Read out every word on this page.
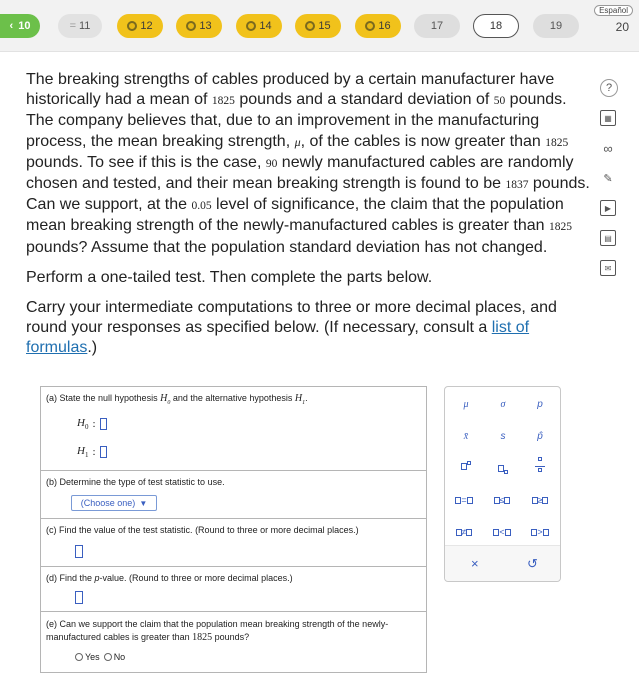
‹ 10	= 11	12	13	14	15	16	17	18	19
Español
20

The breaking strengths of cables produced by a certain manufacturer have historically had a mean of 1825 pounds and a standard deviation of 50 pounds. The company believes that, due to an improvement in the manufacturing process, the mean breaking strength, μ, of the cables is now greater than 1825 pounds. To see if this is the case, 90 newly manufactured cables are randomly chosen and tested, and their mean breaking strength is found to be 1837 pounds. Can we support, at the 0.05 level of significance, the claim that the population mean breaking strength of the newly-manufactured cables is greater than 1825 pounds? Assume that the population standard deviation has not changed.

Perform a one-tailed test. Then complete the parts below.

Carry your intermediate computations to three or more decimal places, and round your responses as specified below. (If necessary, consult a list of formulas.)

?
▦
∞
✎
▶
▤
✉
(a) State the null hypothesis $H_0$ and the alternative hypothesis $H_1$.
$H_0$ :
$H_1$ :
(b) Determine the type of test statistic to use.
(Choose one) ▼
(c) Find the value of the test statistic. (Round to three or more decimal places.)
(d) Find the p-value. (Round to three or more decimal places.)
(e) Can we support the claim that the population mean breaking strength of the newly-manufactured cables is greater than 1825 pounds?
Yes No
μ	σ	p
x̄	s	p̂
=	≤	≥
≠	<	>
×	↺
